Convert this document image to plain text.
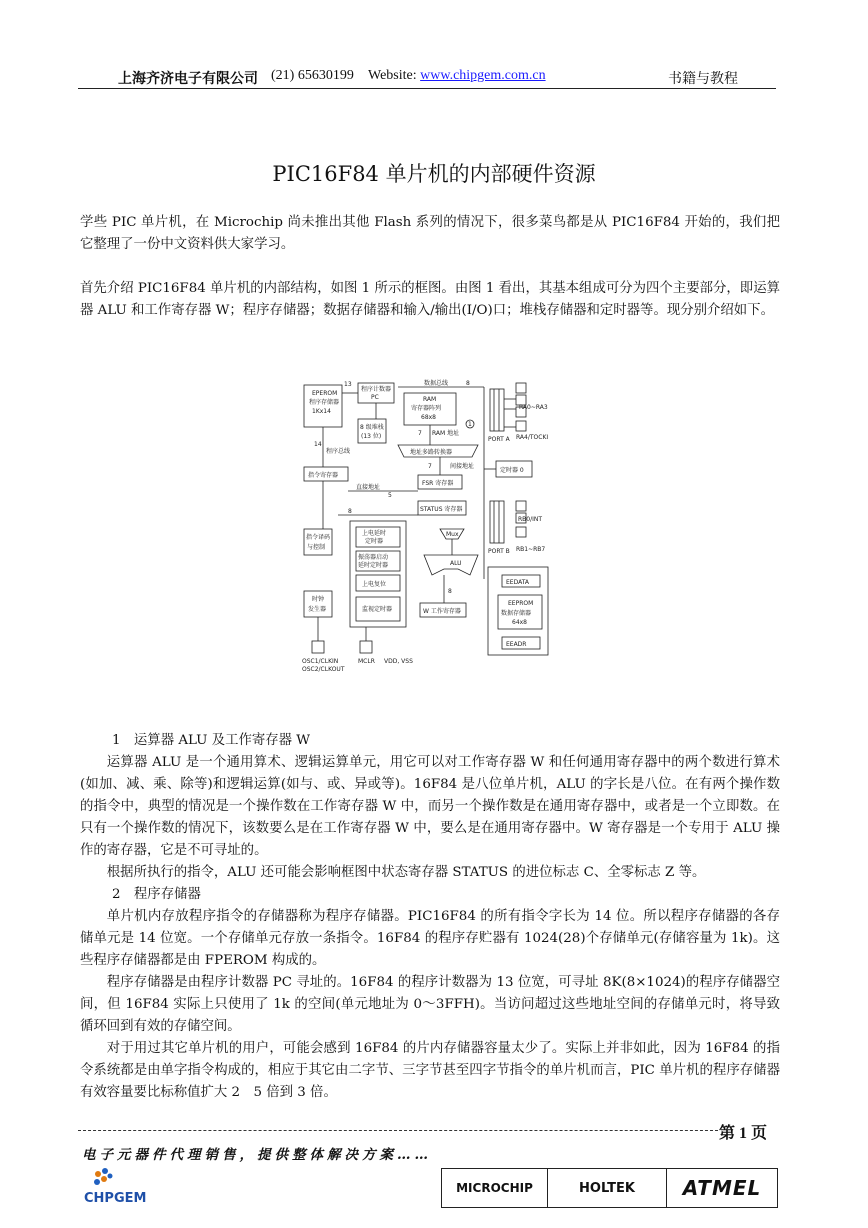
上海齐济电子有限公司 (21) 65630199 Website: www.chipgem.com.cn	书籍与教程
PIC16F84 单片机的内部硬件资源

学些 PIC 单片机，在 Microchip 尚未推出其他 Flash 系列的情况下，很多菜鸟都是从 PIC16F84 开始的，我们把它整理了一份中文资料供大家学习。

首先介绍 PIC16F84 单片机的内部结构，如图 1 所示的框图。由图 1 看出，其基本组成可分为四个主要部分，即运算器 ALU 和工作寄存器 W；程序存储器；数据存储器和输入/输出(I/O)口；堆栈存储器和定时器等。现分别介绍如下。

EPEROM
程序存储器
1Kx14
14
程序总线
13
程序计数器
PC
8 级堆栈
(13 位)
数据总线	8
RAM
寄存器阵列
68x8
1
RAM 地址
7
地址多路转换器
7	间接地址
指令寄存器
FSR 寄存器
直接地址
5
STATUS 寄存器
指令译码
与控制
8
上电延时
定时器
振荡器启动
延时定时器
上电复位
监视定时器
Mux
ALU
W 工作寄存器
8
时钟
发生器
OSC1/CLKIN
OSC2/CLKOUT
MCLR VDD, VSS
PORT A
RA0~RA3
RA4/TOCKI
定时器 0
PORT B
RB0/INT
RB1~RB7
EEDATA
EEPROM
数据存储器
64x8
EEADR

1　运算器 ALU 及工作寄存器 W

运算器 ALU 是一个通用算术、逻辑运算单元，用它可以对工作寄存器 W 和任何通用寄存器中的两个数进行算术(如加、减、乘、除等)和逻辑运算(如与、或、异或等)。16F84 是八位单片机，ALU 的字长是八位。在有两个操作数的指令中，典型的情况是一个操作数在工作寄存器 W 中，而另一个操作数是在通用寄存器中，或者是一个立即数。在只有一个操作数的情况下，该数要么是在工作寄存器 W 中，要么是在通用寄存器中。W 寄存器是一个专用于 ALU 操作的寄存器，它是不可寻址的。

根据所执行的指令，ALU 还可能会影响框图中状态寄存器 STATUS 的进位标志 C、全零标志 Z 等。

2　程序存储器

单片机内存放程序指令的存储器称为程序存储器。PIC16F84 的所有指令字长为 14 位。所以程序存储器的各存储单元是 14 位宽。一个存储单元存放一条指令。16F84 的程序存贮器有 1024(28)个存储单元(存储容量为 1k)。这些程序存储器都是由 FPEROM 构成的。

程序存储器是由程序计数器 PC 寻址的。16F84 的程序计数器为 13 位宽，可寻址 8K(8×1024)的程序存储器空间，但 16F84 实际上只使用了 1k 的空间(单元地址为 0～3FFH)。当访问超过这些地址空间的存储单元时，将导致循环回到有效的存储空间。

对于用过其它单片机的用户，可能会感到 16F84 的片内存储器容量太少了。实际上并非如此，因为 16F84 的指令系统都是由单字指令构成的，相应于其它由二字节、三字节甚至四字节指令的单片机而言，PIC 单片机的程序存储器有效容量要比标称值扩大 2　5 倍到 3 倍。

第 1 页
电子元器件代理销售，提供整体解决方案……
CHPGEM
MICROCHIP	HOLTEK	ATMEL
